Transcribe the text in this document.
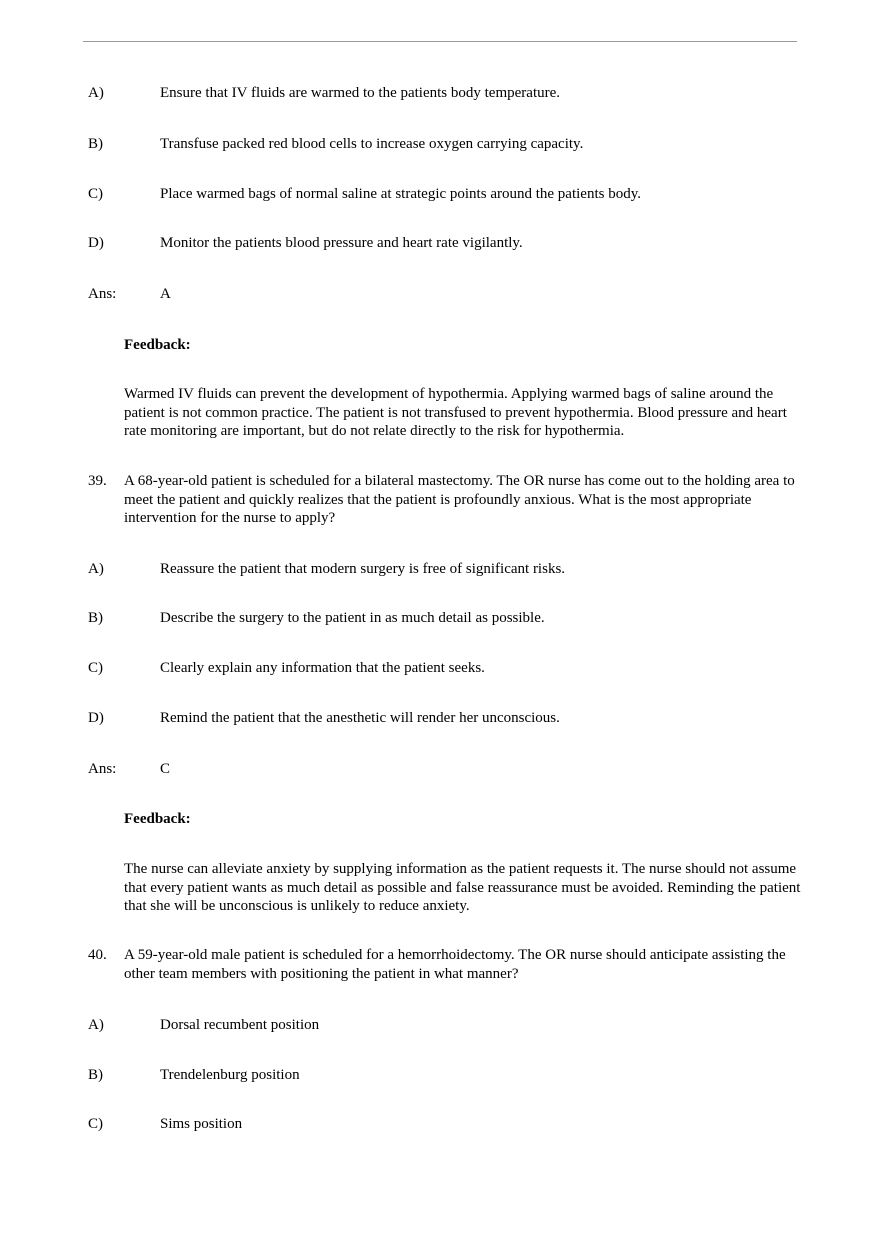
A)	Ensure that IV fluids are warmed to the patients body temperature.
B)	Transfuse packed red blood cells to increase oxygen carrying capacity.
C)	Place warmed bags of normal saline at strategic points around the patients body.
D)	Monitor the patients blood pressure and heart rate vigilantly.
Ans:	A
Feedback:
Warmed IV fluids can prevent the development of hypothermia. Applying warmed bags of saline around the patient is not common practice. The patient is not transfused to prevent hypothermia. Blood pressure and heart rate monitoring are important, but do not relate directly to the risk for hypothermia.
39. A 68-year-old patient is scheduled for a bilateral mastectomy. The OR nurse has come out to the holding area to meet the patient and quickly realizes that the patient is profoundly anxious. What is the most appropriate intervention for the nurse to apply?
A)	Reassure the patient that modern surgery is free of significant risks.
B)	Describe the surgery to the patient in as much detail as possible.
C)	Clearly explain any information that the patient seeks.
D)	Remind the patient that the anesthetic will render her unconscious.
Ans:	C
Feedback:
The nurse can alleviate anxiety by supplying information as the patient requests it. The nurse should not assume that every patient wants as much detail as possible and false reassurance must be avoided. Reminding the patient that she will be unconscious is unlikely to reduce anxiety.
40. A 59-year-old male patient is scheduled for a hemorrhoidectomy. The OR nurse should anticipate assisting the other team members with positioning the patient in what manner?
A)	Dorsal recumbent position
B)	Trendelenburg position
C)	Sims position
